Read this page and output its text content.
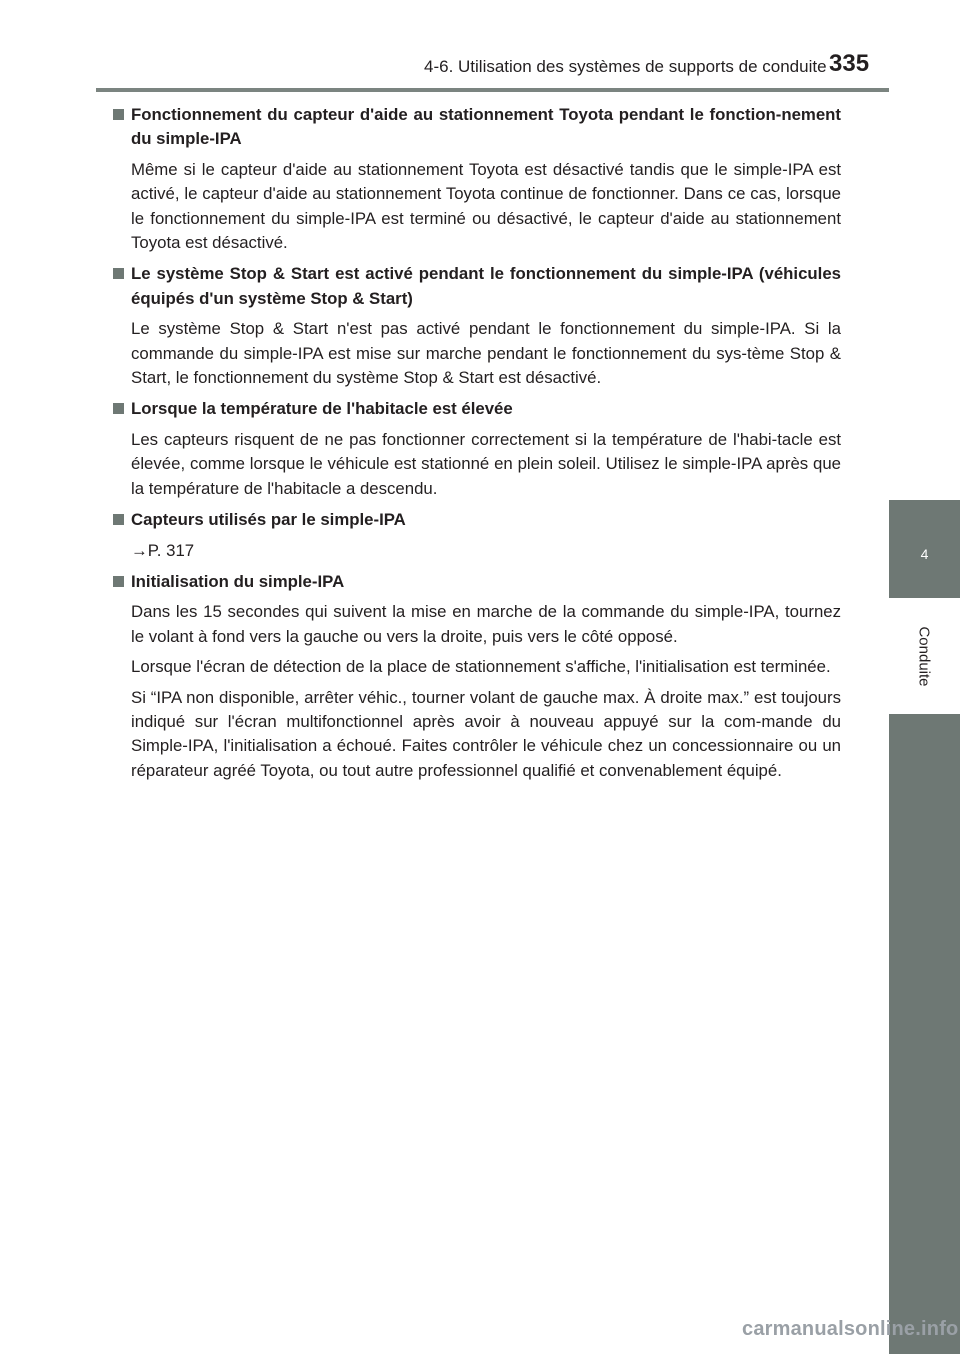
4-6. Utilisation des systèmes de supports de conduite 335
4
Conduite
Fonctionnement du capteur d'aide au stationnement Toyota pendant le fonction-nement du simple-IPA

Même si le capteur d'aide au stationnement Toyota est désactivé tandis que le simple-IPA est activé, le capteur d'aide au stationnement Toyota continue de fonctionner. Dans ce cas, lorsque le fonctionnement du simple-IPA est terminé ou désactivé, le capteur d'aide au stationnement Toyota est désactivé.

Le système Stop & Start est activé pendant le fonctionnement du simple-IPA (véhicules équipés d'un système Stop & Start)

Le système Stop & Start n'est pas activé pendant le fonctionnement du simple-IPA. Si la commande du simple-IPA est mise sur marche pendant le fonctionnement du sys-tème Stop & Start, le fonctionnement du système Stop & Start est désactivé.

Lorsque la température de l'habitacle est élevée

Les capteurs risquent de ne pas fonctionner correctement si la température de l'habi-tacle est élevée, comme lorsque le véhicule est stationné en plein soleil. Utilisez le simple-IPA après que la température de l'habitacle a descendu.

Capteurs utilisés par le simple-IPA

→P. 317

Initialisation du simple-IPA

Dans les 15 secondes qui suivent la mise en marche de la commande du simple-IPA, tournez le volant à fond vers la gauche ou vers la droite, puis vers le côté opposé.

Lorsque l'écran de détection de la place de stationnement s'affiche, l'initialisation est terminée.

Si “IPA non disponible, arrêter véhic., tourner volant de gauche max. À droite max.” est toujours indiqué sur l'écran multifonctionnel après avoir à nouveau appuyé sur la com-mande du Simple-IPA, l'initialisation a échoué. Faites contrôler le véhicule chez un concessionnaire ou un réparateur agréé Toyota, ou tout autre professionnel qualifié et convenablement équipé.

carmanualsonline.info
